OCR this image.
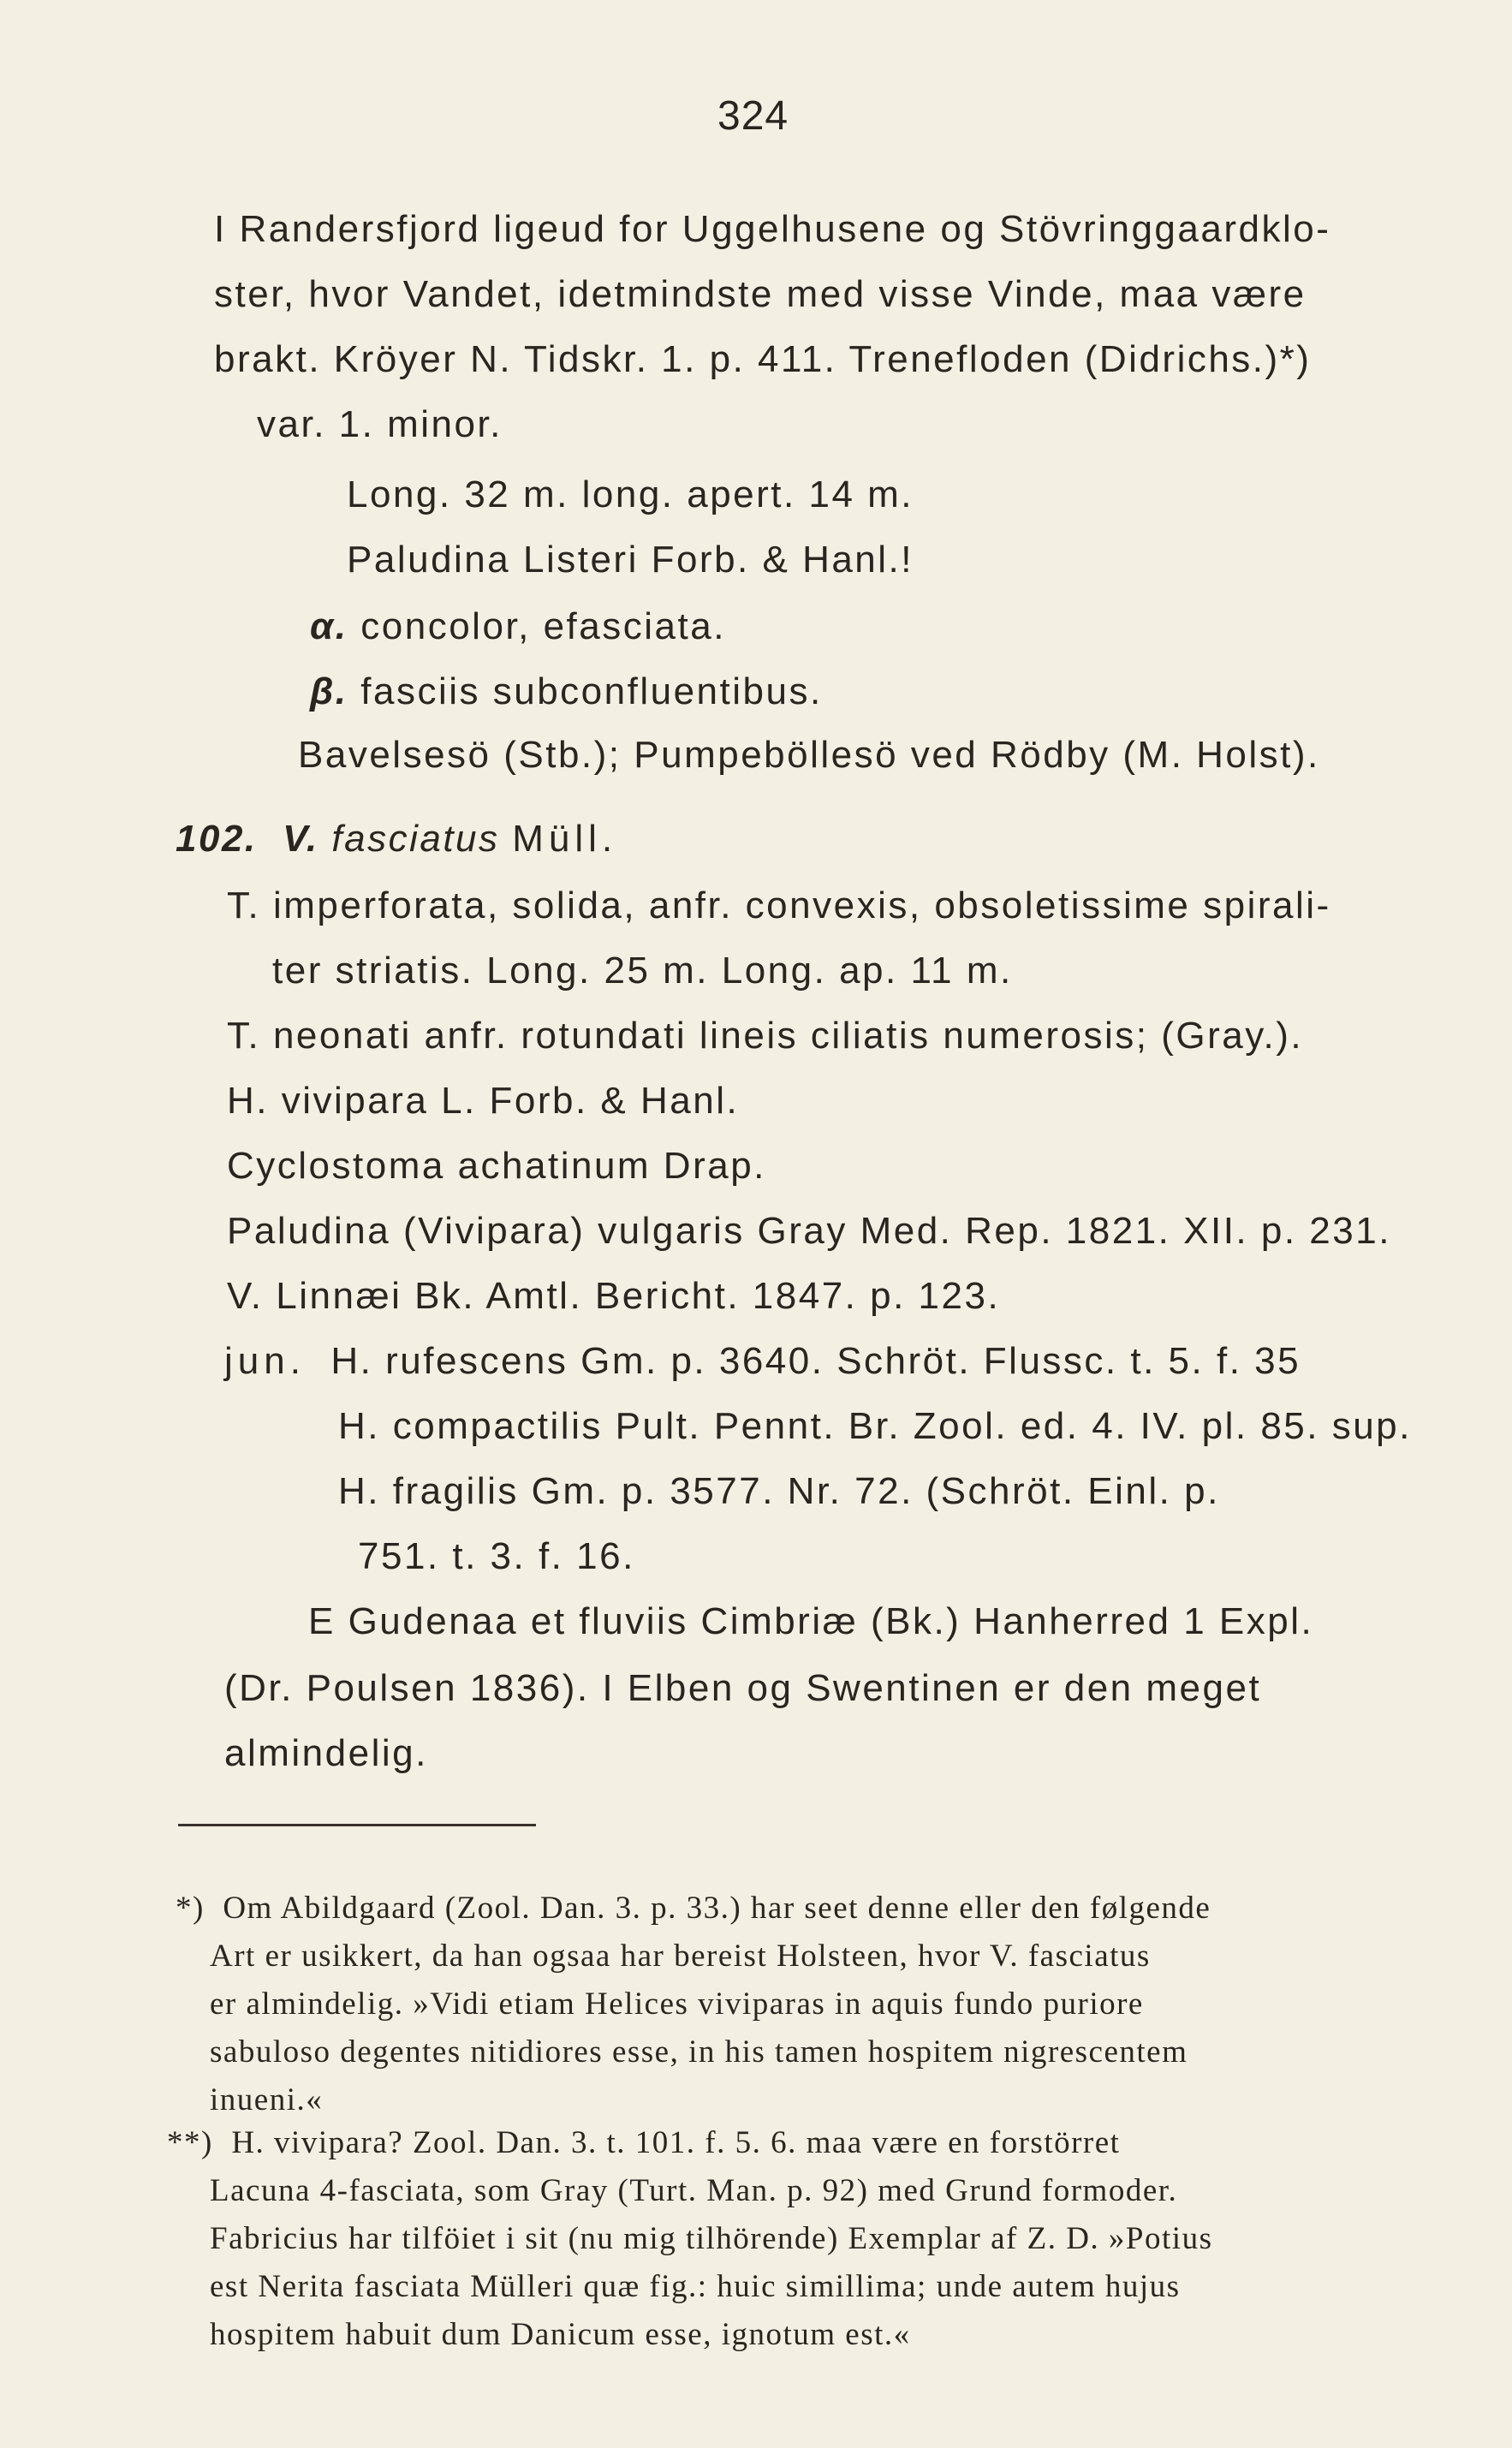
324
I Randersfjord ligeud for Uggelhusene og Stövringgaardklo-
ster, hvor Vandet, idetmindste med visse Vinde, maa være
brakt. Kröyer N. Tidskr. 1. p. 411. Trenefloden (Didrichs.)*)
var. 1. minor.
Long. 32 m. long. apert. 14 m.
Paludina Listeri Forb. & Hanl.!
α. concolor, efasciata.
β. fasciis subconfluentibus.
Bavelsesö (Stb.); Pumpeböllesö ved Rödby (M. Holst).
102. V. fasciatus Müll.
T. imperforata, solida, anfr. convexis, obsoletissime spirali-
ter striatis. Long. 25 m. Long. ap. 11 m.
T. neonati anfr. rotundati lineis ciliatis numerosis; (Gray.).
H. vivipara L. Forb. & Hanl.
Cyclostoma achatinum Drap.
Paludina (Vivipara) vulgaris Gray Med. Rep. 1821. XII. p. 231.
V. Linnæi Bk. Amtl. Bericht. 1847. p. 123.
jun. H. rufescens Gm. p. 3640. Schröt. Flussc. t. 5. f. 35
H. compactilis Pult. Pennt. Br. Zool. ed. 4. IV. pl. 85. sup.
H. fragilis Gm. p. 3577. Nr. 72. (Schröt. Einl. p.
751. t. 3. f. 16.
E Gudenaa et fluviis Cimbriæ (Bk.) Hanherred 1 Expl.
(Dr. Poulsen 1836). I Elben og Swentinen er den meget
almindelig.
*) Om Abildgaard (Zool. Dan. 3. p. 33.) har seet denne eller den følgende
Art er usikkert, da han ogsaa har bereist Holsteen, hvor V. fasciatus
er almindelig. »Vidi etiam Helices viviparas in aquis fundo puriore
sabuloso degentes nitidiores esse, in his tamen hospitem nigrescentem
inueni.«
**) H. vivipara? Zool. Dan. 3. t. 101. f. 5. 6. maa være en forstörret
Lacuna 4-fasciata, som Gray (Turt. Man. p. 92) med Grund formoder.
Fabricius har tilföiet i sit (nu mig tilhörende) Exemplar af Z. D. »Potius
est Nerita fasciata Mülleri quæ fig.: huic simillima; unde autem hujus
hospitem habuit dum Danicum esse, ignotum est.«
